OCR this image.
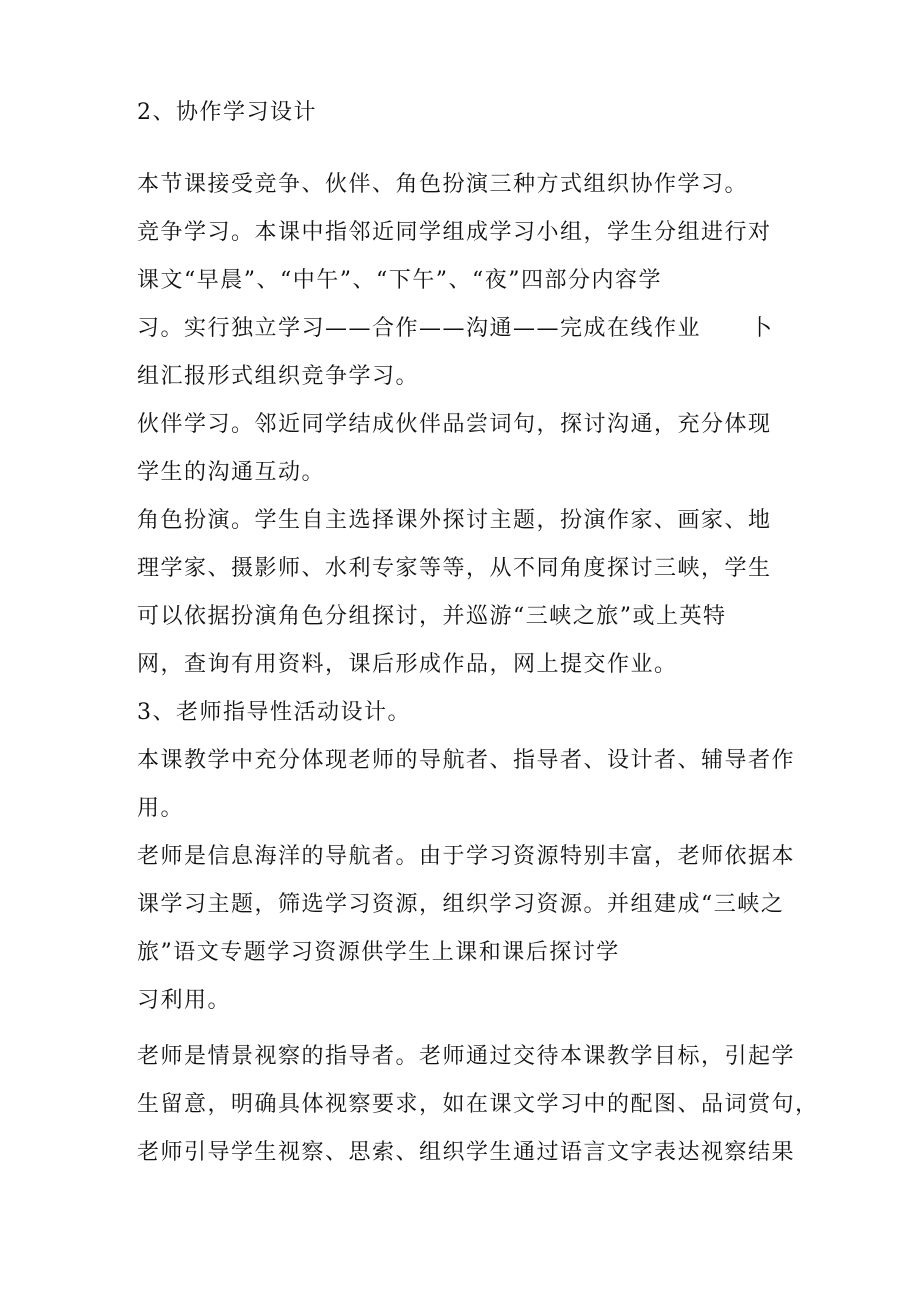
2、协作学习设计

本节课接受竞争、伙伴、角色扮演三种方式组织协作学习。

竞争学习。本课中指邻近同学组成学习小组，学生分组进行对

课文“早晨”、“中午”、“下午”、“夜”四部分内容学

习。实行独立学习——合作——沟通——完成在线作业 卜

组汇报形式组织竞争学习。

伙伴学习。邻近同学结成伙伴品尝词句，探讨沟通，充分体现

学生的沟通互动。

角色扮演。学生自主选择课外探讨主题，扮演作家、画家、地

理学家、摄影师、水利专家等等，从不同角度探讨三峡，学生

可以依据扮演角色分组探讨，并巡游“三峡之旅”或上英特

网，查询有用资料，课后形成作品，网上提交作业。

3、老师指导性活动设计。

本课教学中充分体现老师的导航者、指导者、设计者、辅导者作

用。

老师是信息海洋的导航者。由于学习资源特别丰富，老师依据本

课学习主题，筛选学习资源，组织学习资源。并组建成“三峡之

旅”语文专题学习资源供学生上课和课后探讨学

习利用。

老师是情景视察的指导者。老师通过交待本课教学目标，引起学

生留意，明确具体视察要求，如在课文学习中的配图、品词赏句，

老师引导学生视察、思索、组织学生通过语言文字表达视察结果
